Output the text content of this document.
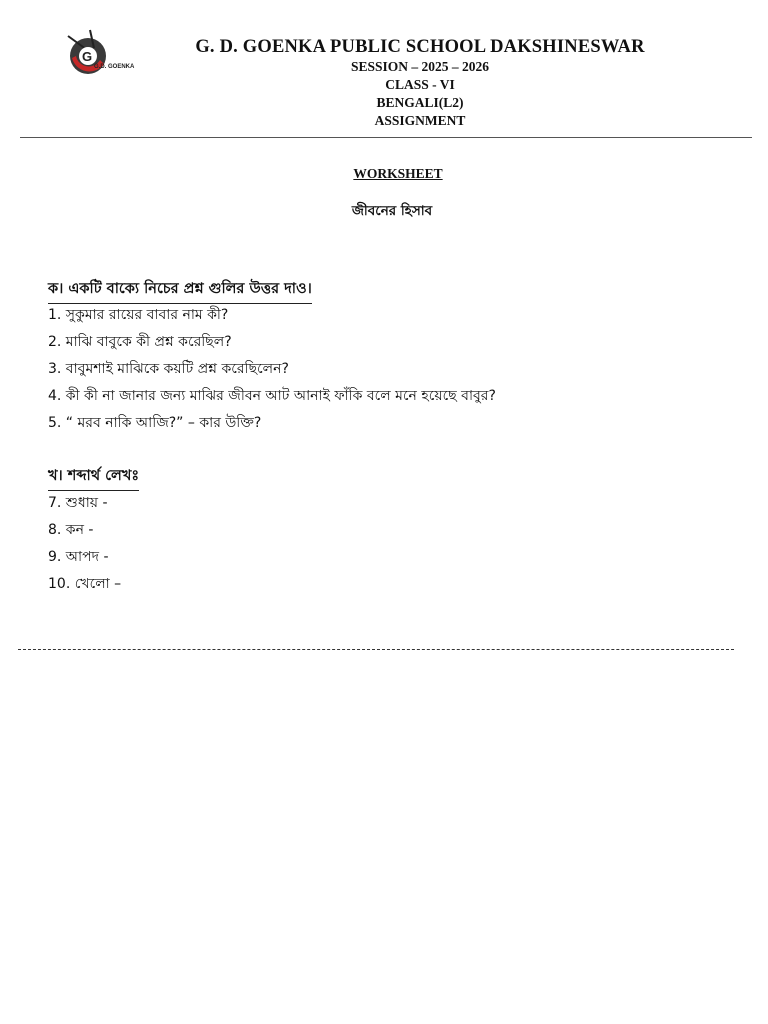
G
G.D. GOENKA
G. D. GOENKA PUBLIC SCHOOL DAKSHINESWAR
SESSION – 2025 – 2026
CLASS - VI
BENGALI(L2)
ASSIGNMENT
WORKSHEET
জীবনের হিসাব
ক। একটি বাক্যে নিচের প্রশ্ন গুলির উত্তর দাও।
1. সুকুমার রায়ের বাবার নাম কী?
2. মাঝি বাবুকে কী প্রশ্ন করেছিল?
3. বাবুমশাই মাঝিকে কয়টি প্রশ্ন করেছিলেন?
4. কী কী না জানার জন্য মাঝির জীবন আট আনাই ফাঁকি বলে মনে হয়েছে বাবুর?
5. “ মরব নাকি আজি?” – কার উক্তি?
খ। শব্দার্থ লেখঃ
7. শুধায় -
8. কন -
9. আপদ -
10. খেলো –
